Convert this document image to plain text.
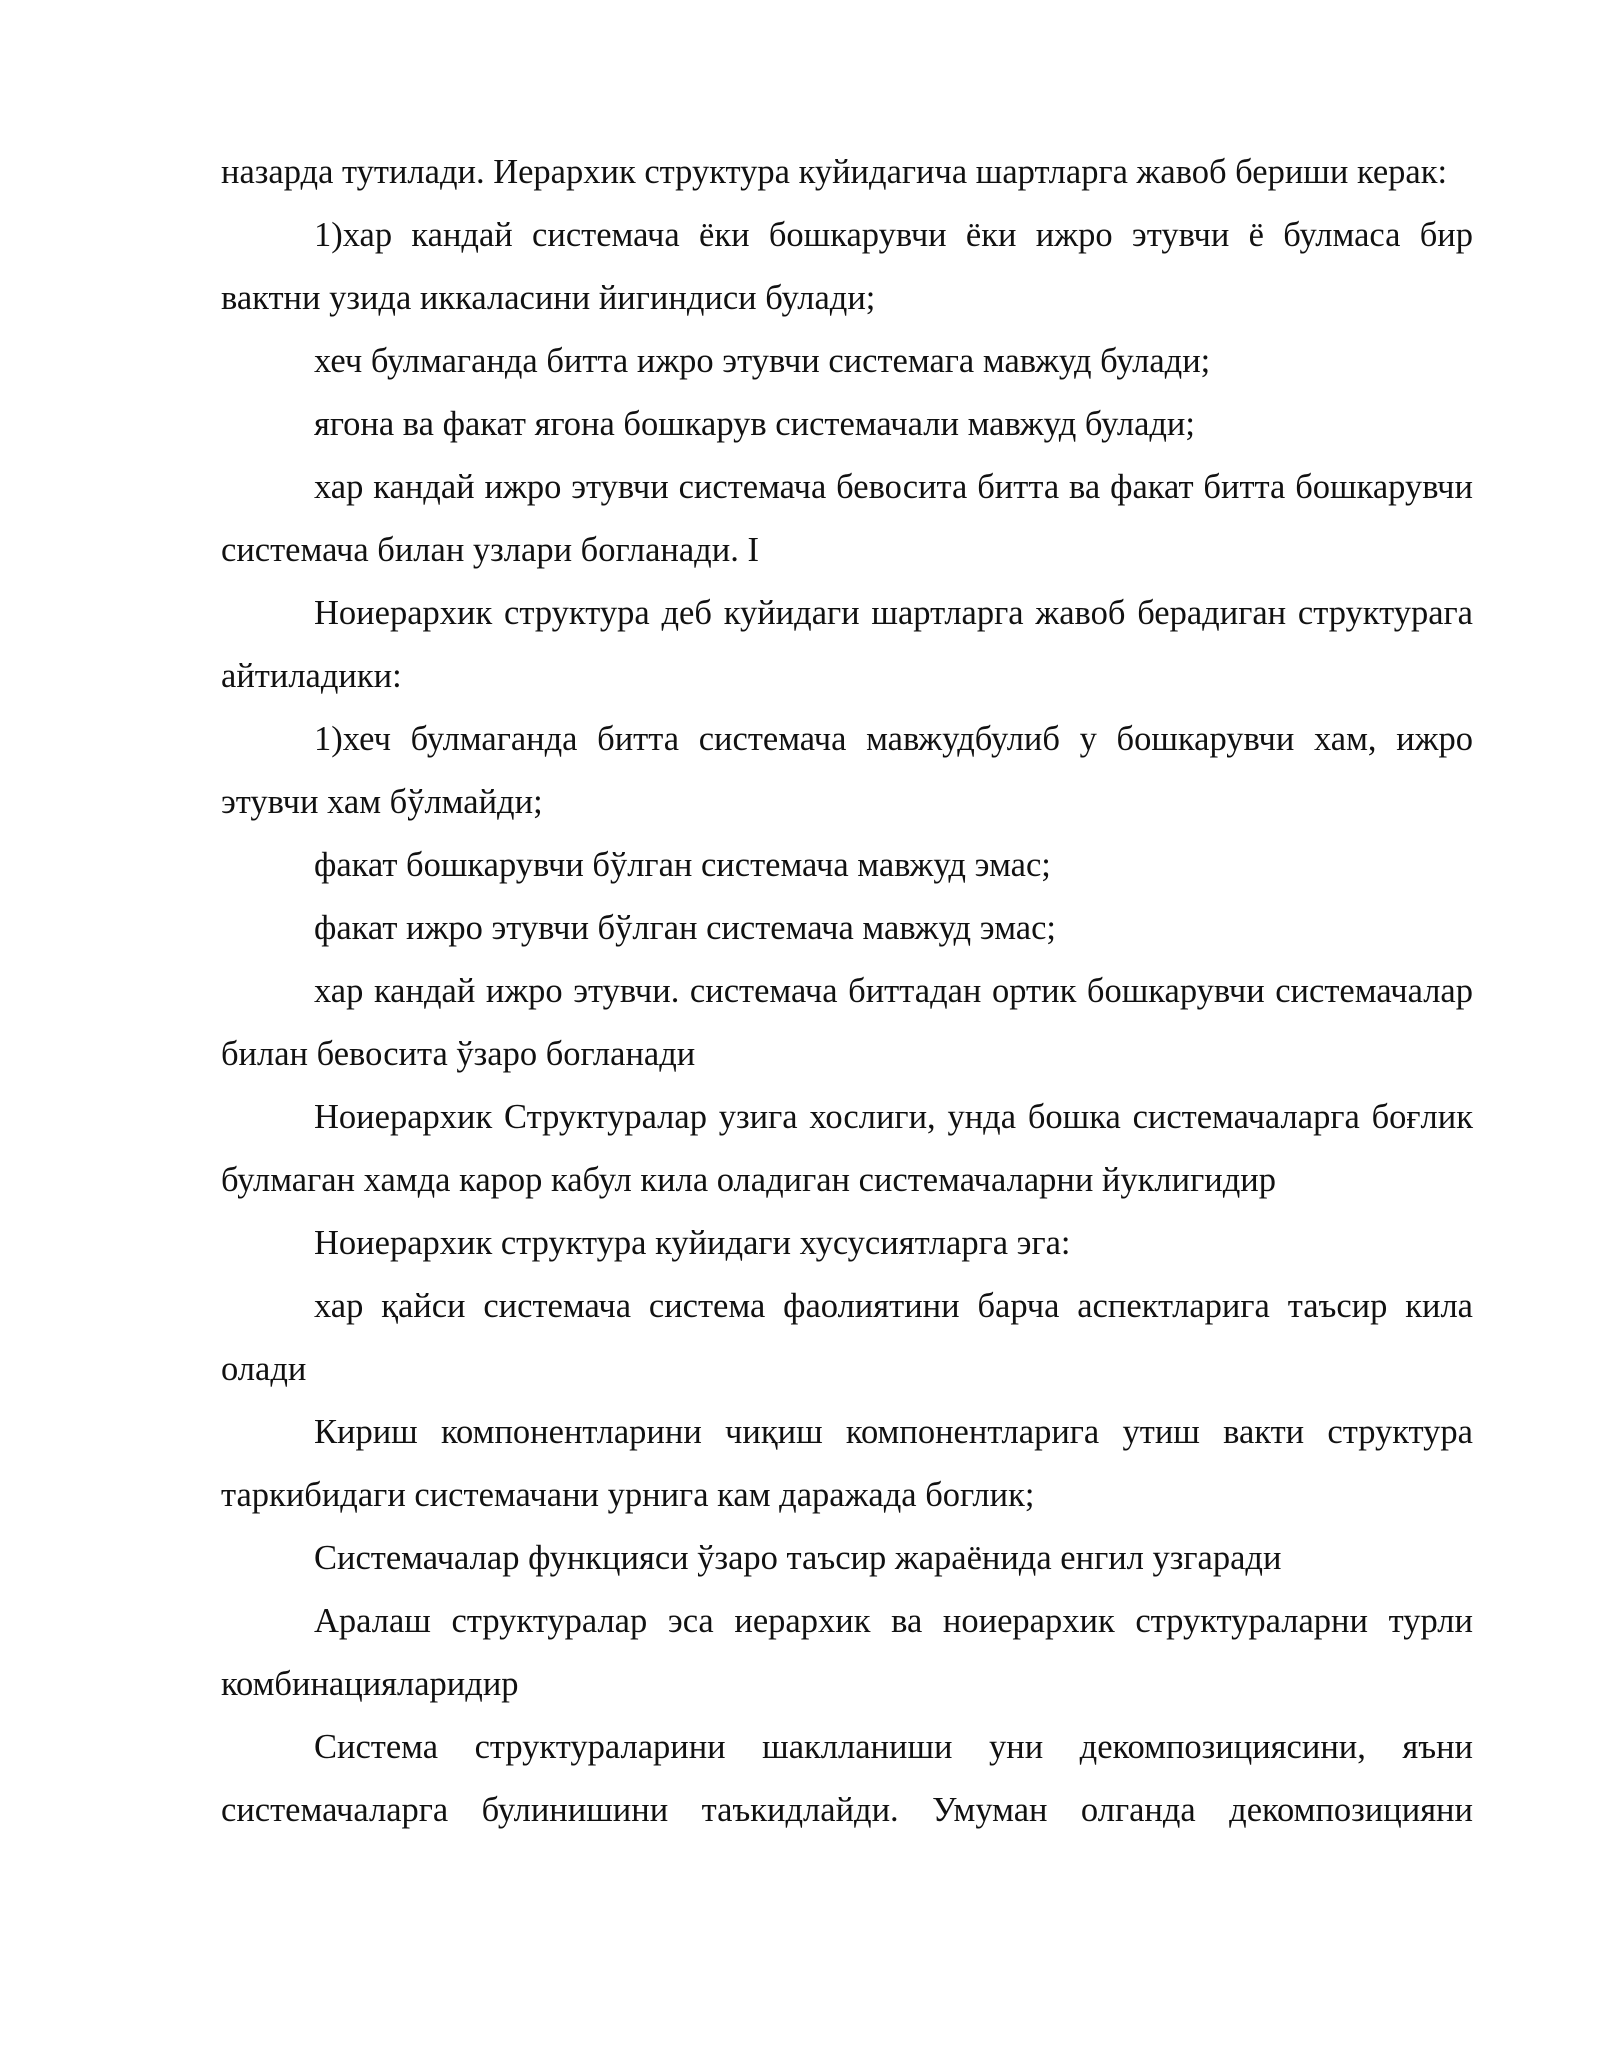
назарда тутилади. Иерархик структура куйидагича шартларга жавоб бериши керак:

1)хар кандай системача ёки бошкарувчи ёки ижро этувчи ё булмаса бир вактни узида иккаласини йигиндиси булади;

хеч булмаганда битта ижро этувчи системага мавжуд булади;

ягона ва факат ягона бошкарув системачали мавжуд булади;

хар кандай ижро этувчи системача бевосита битта ва факат битта бошкарувчи системача билан узлари богланади. I

Ноиерархик структура деб куйидаги шартларга жавоб берадиган структурага айтиладики:

1)хеч булмаганда битта системача мавжудбулиб у бошкарувчи хам, ижро этувчи хам бўлмайди;

факат бошкарувчи бўлган системача мавжуд эмас;

факат ижро этувчи бўлган системача мавжуд эмас;

хар кандай ижро этувчи. системача биттадан ортик бошкарувчи системачалар билан бевосита ўзаро богланади

Ноиерархик Структуралар узига хослиги, унда бошка системачаларга боғлик булмаган хамда карор кабул кила оладиган системачаларни йуклигидир

Ноиерархик структура куйидаги хусусиятларга эга:

хар қайси системача система фаолиятини барча аспектларига таъсир кила олади

Кириш компонентларини чиқиш компонентларига утиш вакти структура таркибидаги системачани урнига кам даражада боглик;

Системачалар функцияси ўзаро таъсир жараёнида енгил узгаради

Аралаш структуралар эса иерархик ва ноиерархик структураларни турли комбинацияларидир

Система структураларини шаклланиши уни декомпозициясини, яъни системачаларга булинишини таъкидлайди. Умуман олганда декомпозицияни
